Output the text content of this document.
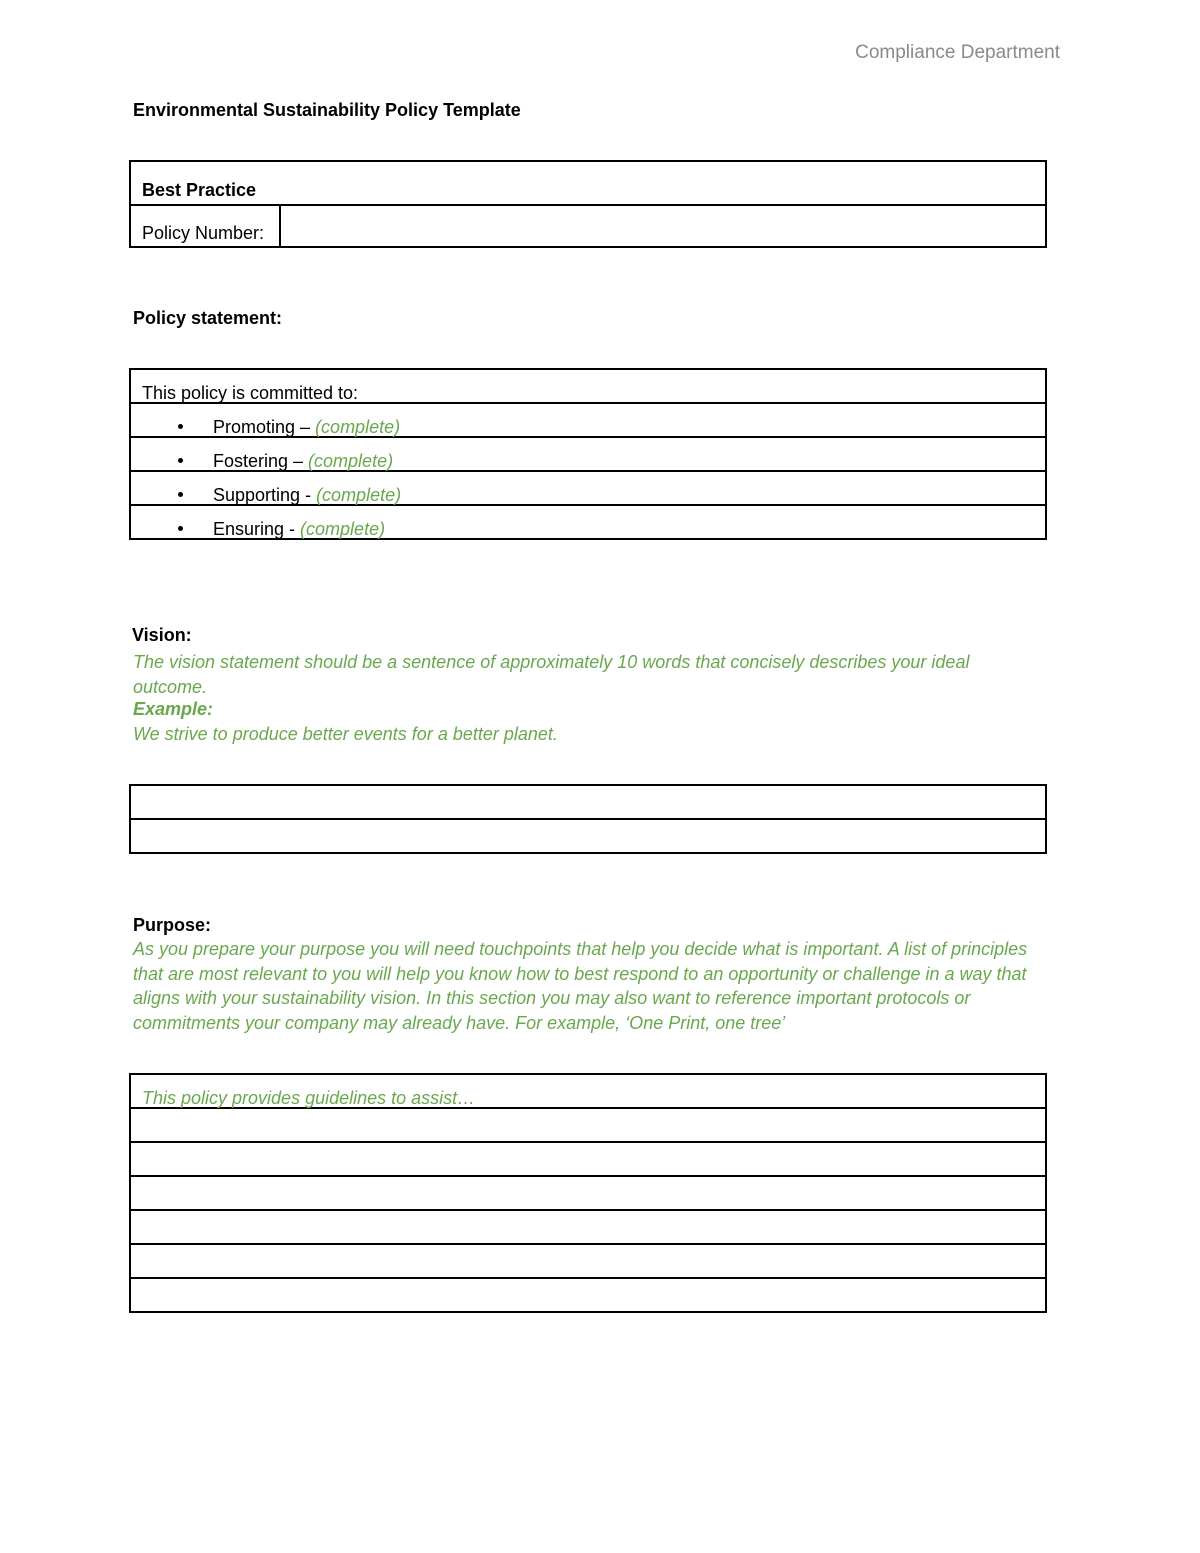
Compliance Department
Environmental Sustainability Policy Template
Best Practice
Policy Number:	
Policy statement:
This policy is committed to:

Promoting – (complete)

Fostering – (complete)

Supporting - (complete)

Ensuring - (complete)
Vision:
The vision statement should be a sentence of approximately 10 words that concisely describes your ideal outcome.
Example:
We strive to produce better events for a better planet.

Purpose:
As you prepare your purpose you will need touchpoints that help you decide what is important. A list of principles that are most relevant to you will help you know how to best respond to an opportunity or challenge in a way that aligns with your sustainability vision. In this section you may also want to reference important protocols or commitments your company may already have. For example, ‘One Print, one tree’
This policy provides guidelines to assist…
